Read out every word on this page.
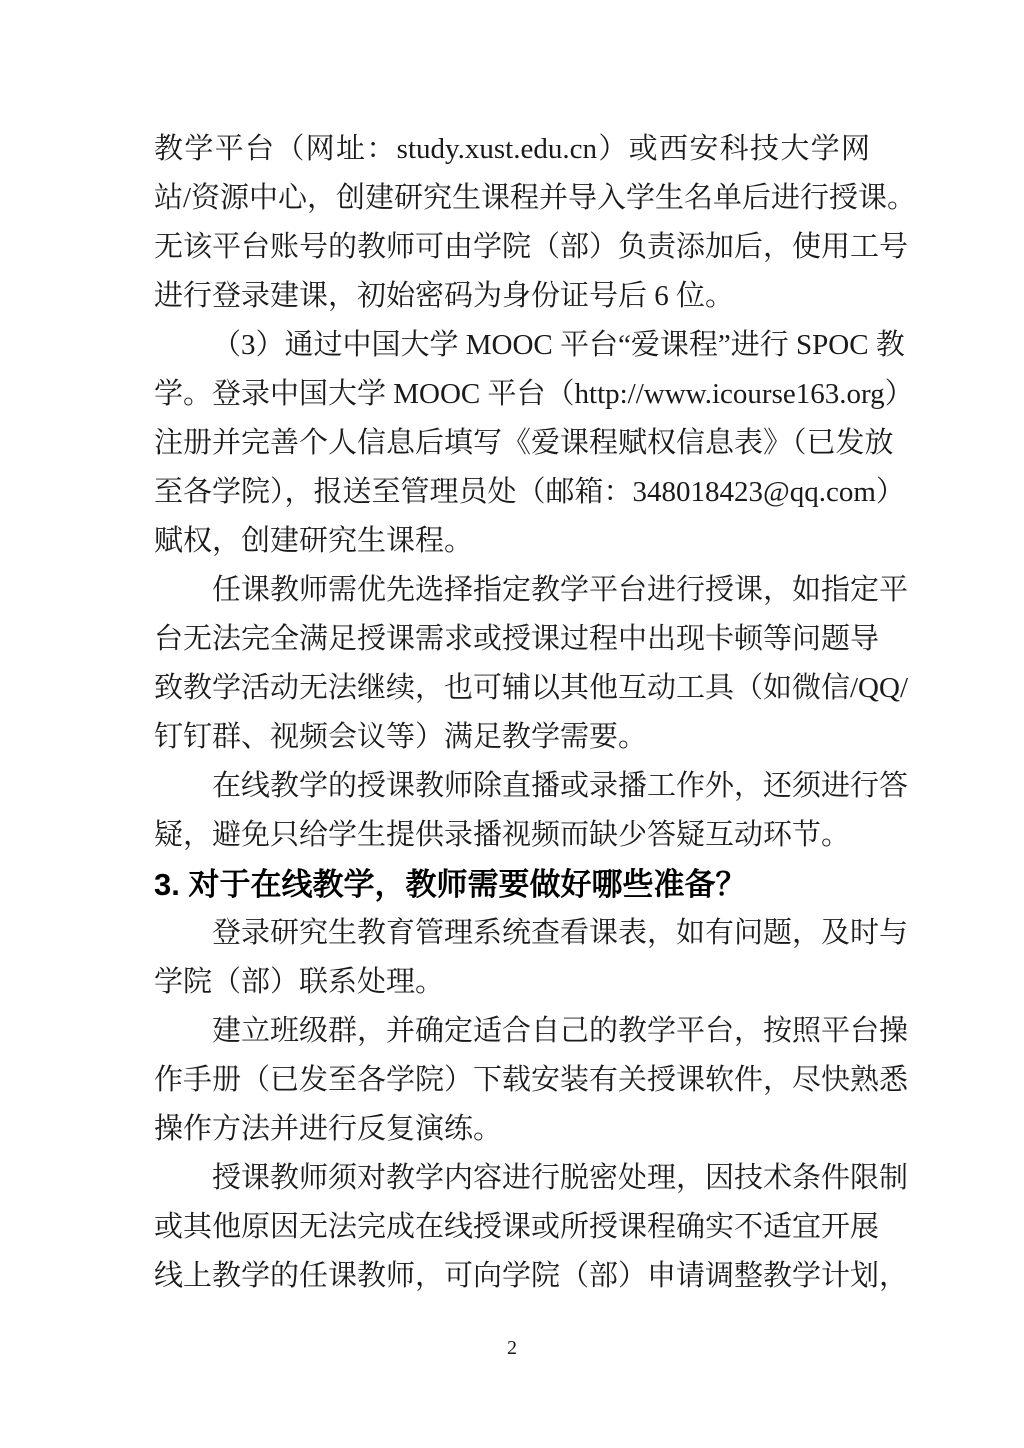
教学平台（网址：study.xust.edu.cn）或西安科技大学网
站/资源中心，创建研究生课程并导入学生名单后进行授课。
无该平台账号的教师可由学院（部）负责添加后，使用工号
进行登录建课，初始密码为身份证号后 6 位。
（3）通过中国大学 MOOC 平台“爱课程”进行 SPOC 教
学。登录中国大学 MOOC 平台（http://www.icourse163.org）
注册并完善个人信息后填写《爱课程赋权信息表》（已发放
至各学院），报送至管理员处（邮箱：348018423@qq.com）
赋权，创建研究生课程。
任课教师需优先选择指定教学平台进行授课，如指定平
台无法完全满足授课需求或授课过程中出现卡顿等问题导
致教学活动无法继续，也可辅以其他互动工具（如微信/QQ/
钉钉群、视频会议等）满足教学需要。
在线教学的授课教师除直播或录播工作外，还须进行答
疑，避免只给学生提供录播视频而缺少答疑互动环节。
3. 对于在线教学，教师需要做好哪些准备？
登录研究生教育管理系统查看课表，如有问题，及时与
学院（部）联系处理。
建立班级群，并确定适合自己的教学平台，按照平台操
作手册（已发至各学院）下载安装有关授课软件，尽快熟悉
操作方法并进行反复演练。
授课教师须对教学内容进行脱密处理，因技术条件限制
或其他原因无法完成在线授课或所授课程确实不适宜开展
线上教学的任课教师，可向学院（部）申请调整教学计划，
2
